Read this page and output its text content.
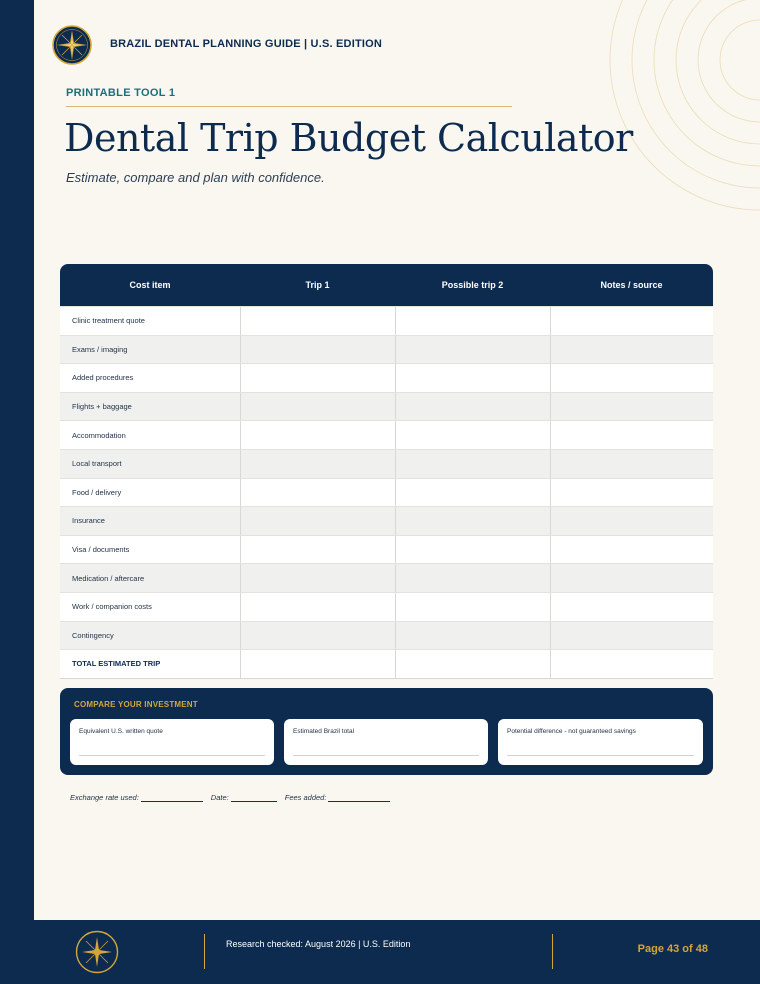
BRAZIL DENTAL PLANNING GUIDE | U.S. EDITION
PRINTABLE TOOL 1
Dental Trip Budget Calculator
Estimate, compare and plan with confidence.
Cost item	Trip 1	Possible trip 2	Notes / source
Clinic treatment quote
Exams / imaging
Added procedures
Flights + baggage
Accommodation
Local transport
Food / delivery
Insurance
Visa / documents
Medication / aftercare
Work / companion costs
Contingency
TOTAL ESTIMATED TRIP
COMPARE YOUR INVESTMENT
Equivalent U.S. written quote	Estimated Brazil total	Potential difference - not guaranteed savings
Exchange rate used:	Date:	Fees added:
Research checked: August 2026 | U.S. Edition	Page 43 of 48
